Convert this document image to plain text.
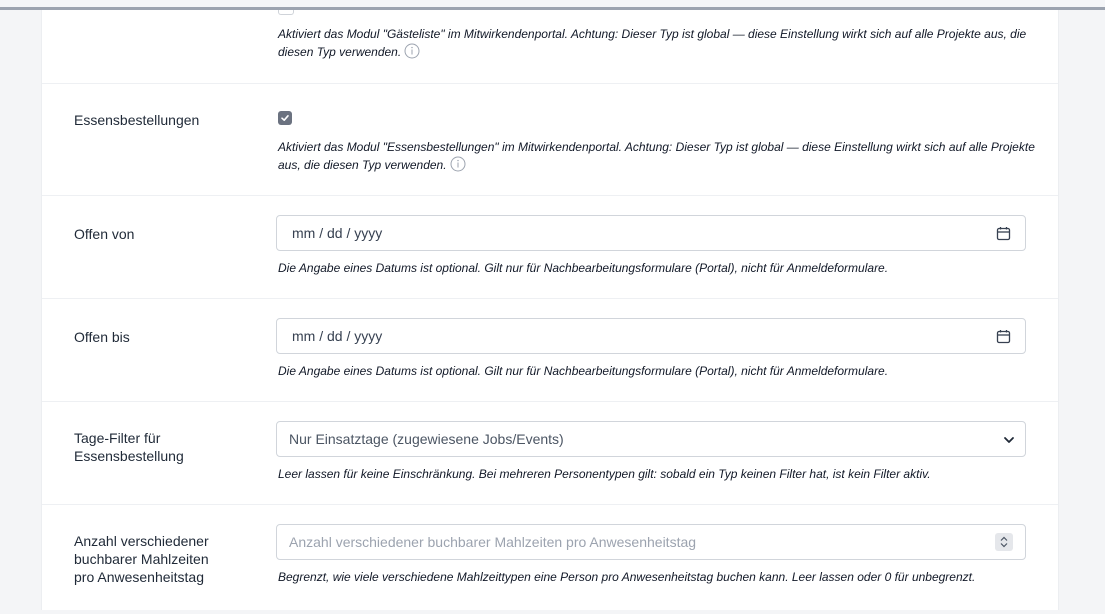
Aktiviert das Modul "Gästeliste" im Mitwirkendenportal. Achtung: Dieser Typ ist global — diese Einstellung wirkt sich auf alle Projekte aus, die diesen Typ verwenden.
Essensbestellungen
Aktiviert das Modul "Essensbestellungen" im Mitwirkendenportal. Achtung: Dieser Typ ist global — diese Einstellung wirkt sich auf alle Projekte aus, die diesen Typ verwenden.
Offen von	mm / dd / yyyy
Die Angabe eines Datums ist optional. Gilt nur für Nachbearbeitungsformulare (Portal), nicht für Anmeldeformulare.
Offen bis	mm / dd / yyyy
Die Angabe eines Datums ist optional. Gilt nur für Nachbearbeitungsformulare (Portal), nicht für Anmeldeformulare.
Tage-Filter für
Essensbestellung
Nur Einsatztage (zugewiesene Jobs/Events)
Leer lassen für keine Einschränkung. Bei mehreren Personentypen gilt: sobald ein Typ keinen Filter hat, ist kein Filter aktiv.
Anzahl verschiedener
buchbarer Mahlzeiten
pro Anwesenheitstag
Anzahl verschiedener buchbarer Mahlzeiten pro Anwesenheitstag
Begrenzt, wie viele verschiedene Mahlzeittypen eine Person pro Anwesenheitstag buchen kann. Leer lassen oder 0 für unbegrenzt.
